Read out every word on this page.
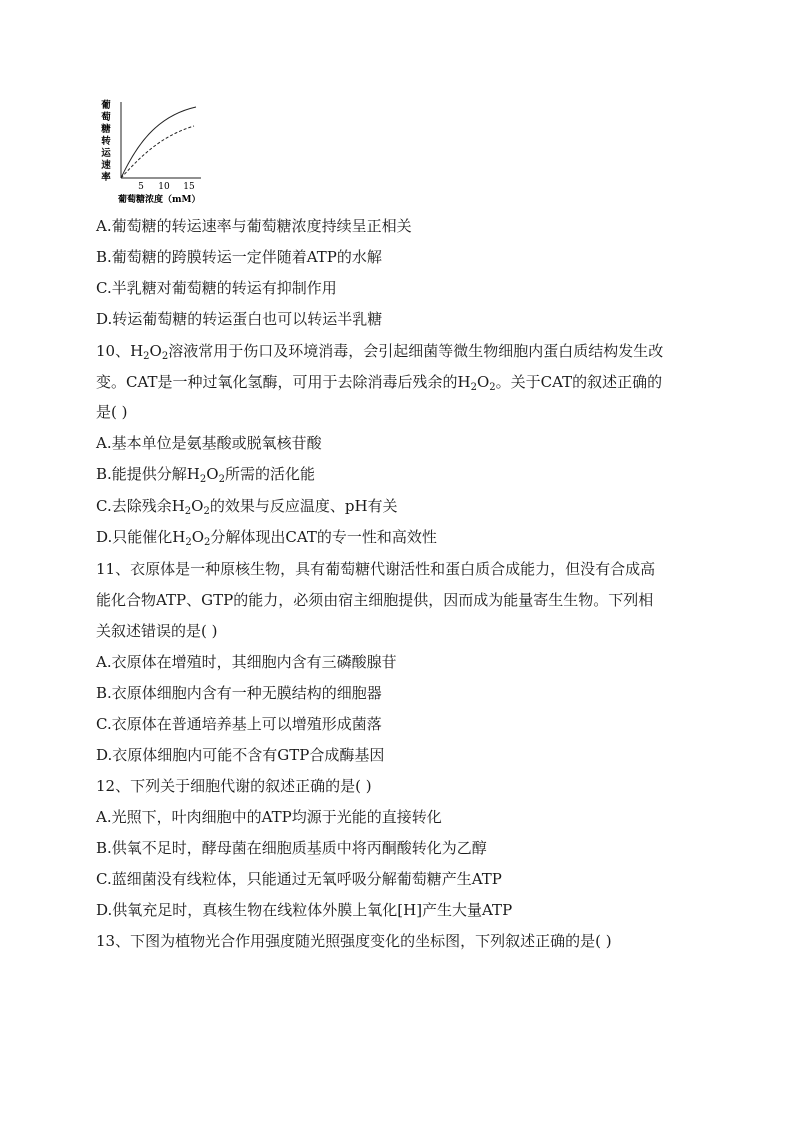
葡
萄
糖
转
运
速
率
5 10 15
葡萄糖浓度（mM）
A.葡萄糖的转运速率与葡萄糖浓度持续呈正相关
B.葡萄糖的跨膜转运一定伴随着ATP的水解
C.半乳糖对葡萄糖的转运有抑制作用
D.转运葡萄糖的转运蛋白也可以转运半乳糖
10、$H_2O_2$溶液常用于伤口及环境消毒，会引起细菌等微生物细胞内蛋白质结构发生改
变。CAT是一种过氧化氢酶，可用于去除消毒后残余的$H_2O_2$。关于CAT的叙述正确的
是( )
A.基本单位是氨基酸或脱氧核苷酸
B.能提供分解$H_2O_2$所需的活化能
C.去除残余$H_2O_2$的效果与反应温度、pH有关
D.只能催化$H_2O_2$分解体现出CAT的专一性和高效性
11、衣原体是一种原核生物，具有葡萄糖代谢活性和蛋白质合成能力，但没有合成高
能化合物ATP、GTP的能力，必须由宿主细胞提供，因而成为能量寄生生物。下列相
关叙述错误的是( )
A.衣原体在增殖时，其细胞内含有三磷酸腺苷
B.衣原体细胞内含有一种无膜结构的细胞器
C.衣原体在普通培养基上可以增殖形成菌落
D.衣原体细胞内可能不含有GTP合成酶基因
12、下列关于细胞代谢的叙述正确的是( )
A.光照下，叶肉细胞中的ATP均源于光能的直接转化
B.供氧不足时，酵母菌在细胞质基质中将丙酮酸转化为乙醇
C.蓝细菌没有线粒体，只能通过无氧呼吸分解葡萄糖产生ATP
D.供氧充足时，真核生物在线粒体外膜上氧化[H]产生大量ATP
13、下图为植物光合作用强度随光照强度变化的坐标图，下列叙述正确的是( )
